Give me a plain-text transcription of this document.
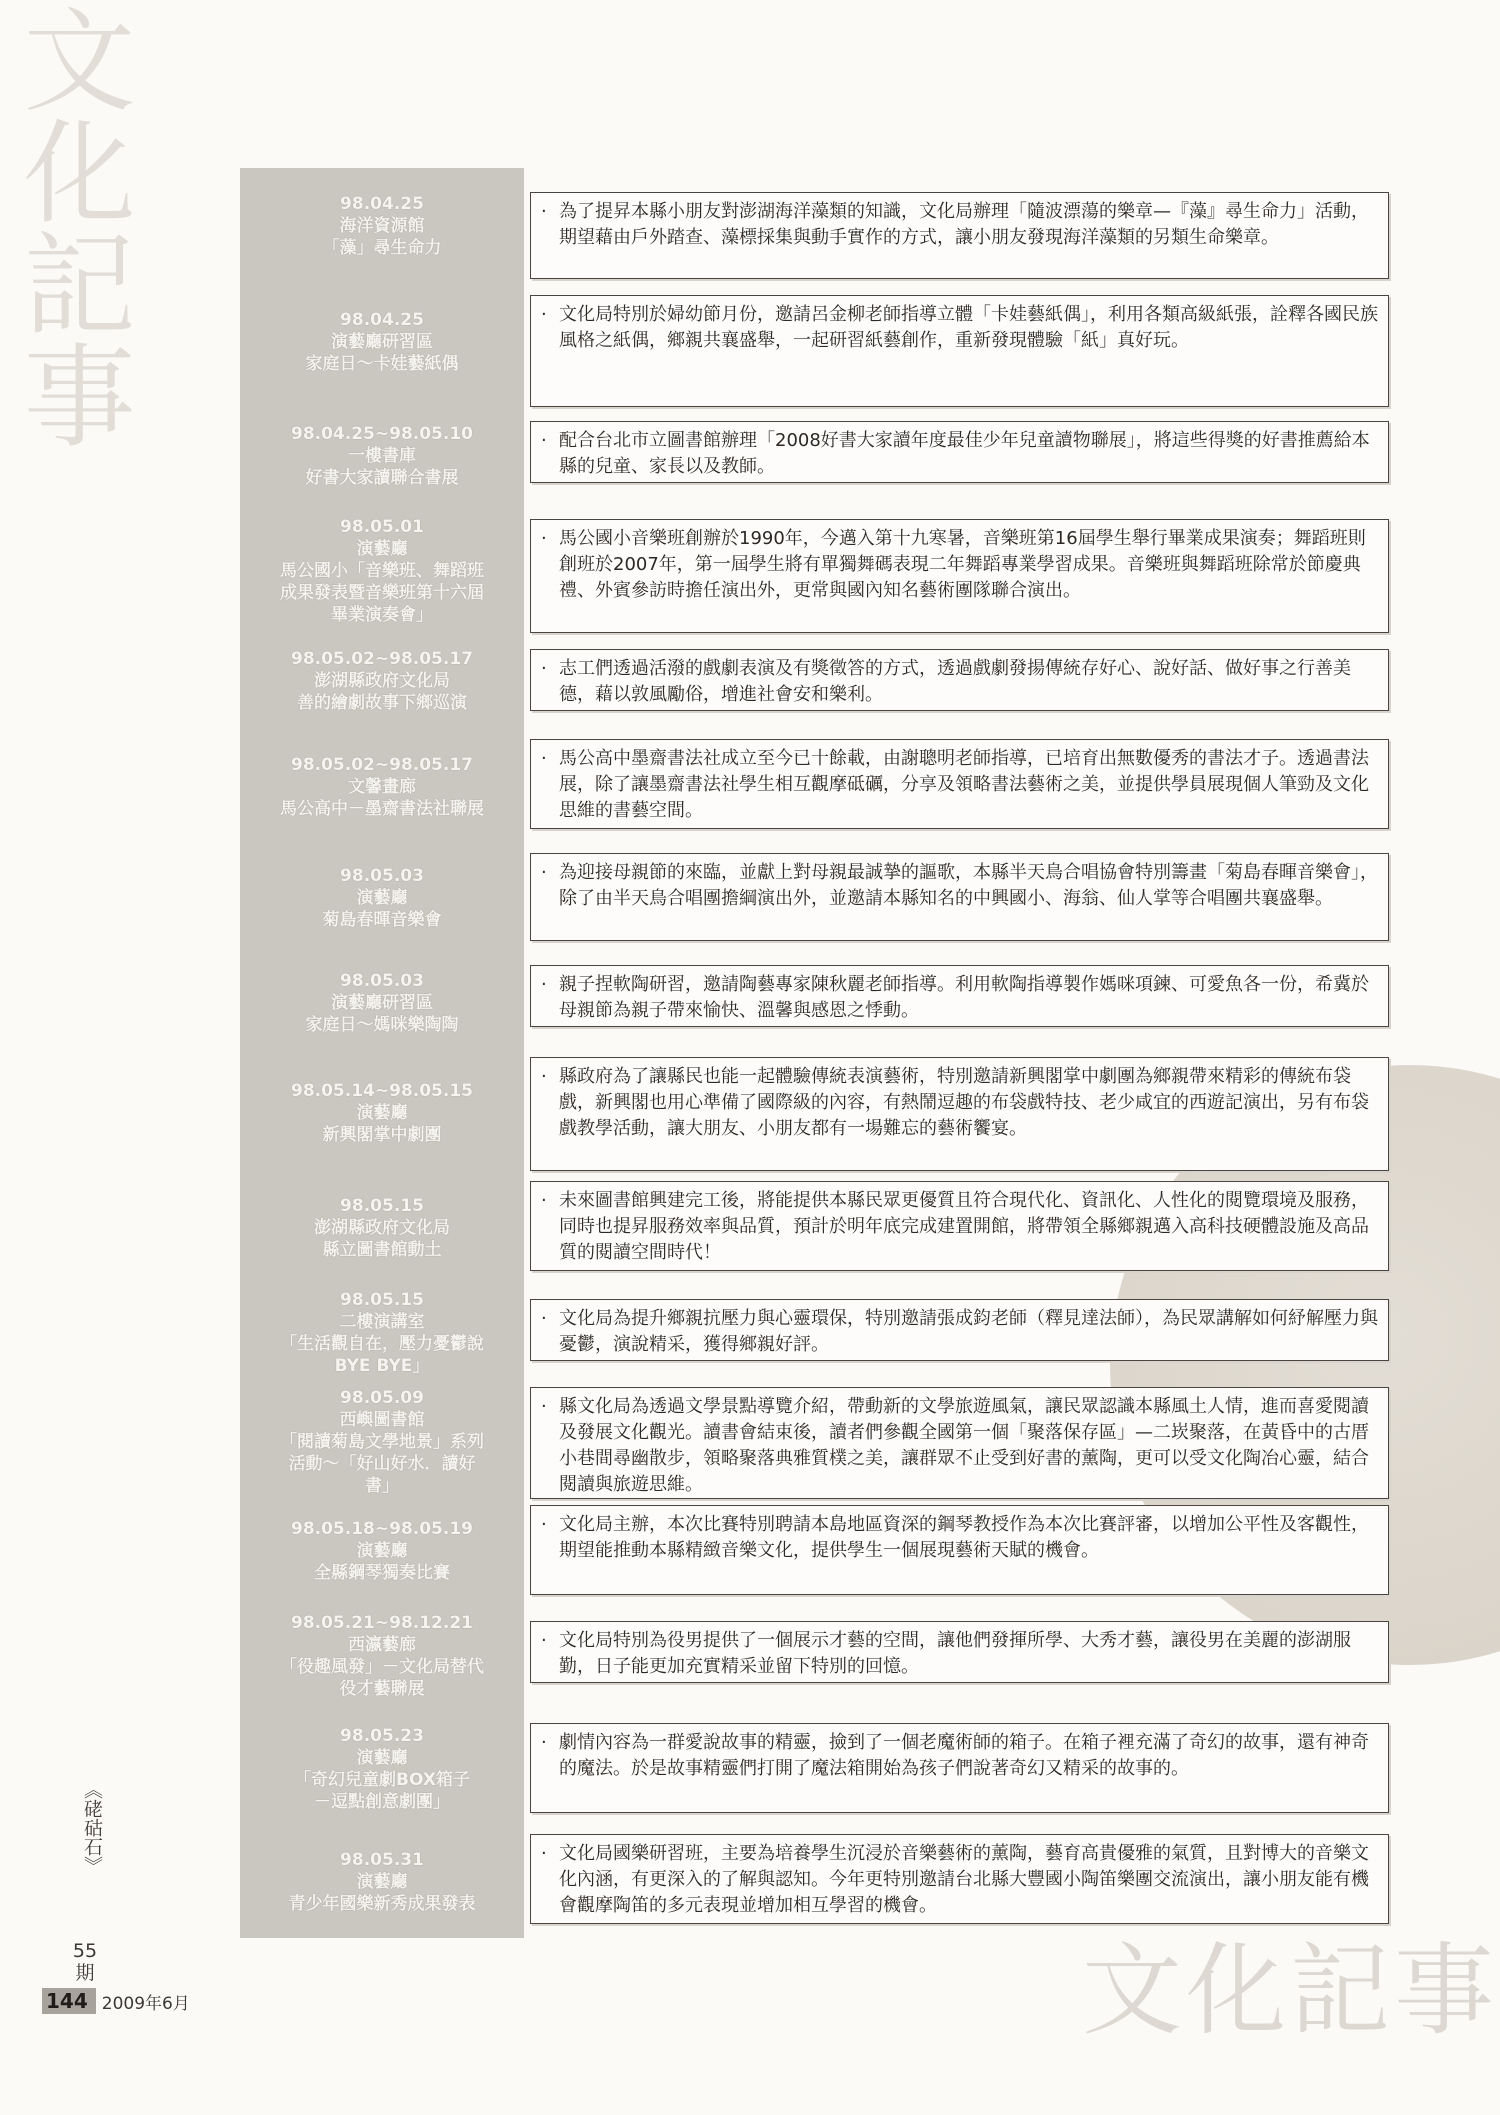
文化記事
文化記事
98.04.25
海洋資源館
「藻」尋生命力
· 為了提昇本縣小朋友對澎湖海洋藻類的知識，文化局辦理「隨波漂蕩的樂章—『藻』尋生命力」活動，期望藉由戶外踏查、藻標採集與動手實作的方式，讓小朋友發現海洋藻類的另類生命樂章。
98.04.25
演藝廳研習區
家庭日～卡娃藝紙偶
· 文化局特別於婦幼節月份，邀請呂金柳老師指導立體「卡娃藝紙偶」，利用各類高級紙張，詮釋各國民族風格之紙偶，鄉親共襄盛舉，一起研習紙藝創作，重新發現體驗「紙」真好玩。
98.04.25~98.05.10
一樓書庫
好書大家讀聯合書展
· 配合台北市立圖書館辦理「2008好書大家讀年度最佳少年兒童讀物聯展」，將這些得獎的好書推薦給本縣的兒童、家長以及教師。
98.05.01
演藝廳
馬公國小「音樂班、舞蹈班
成果發表暨音樂班第十六屆
畢業演奏會」
· 馬公國小音樂班創辦於1990年，今邁入第十九寒暑，音樂班第16屆學生舉行畢業成果演奏；舞蹈班則創班於2007年，第一屆學生將有單獨舞碼表現二年舞蹈專業學習成果。音樂班與舞蹈班除常於節慶典禮、外賓參訪時擔任演出外，更常與國內知名藝術團隊聯合演出。
98.05.02~98.05.17
澎湖縣政府文化局
善的繪劇故事下鄉巡演
· 志工們透過活潑的戲劇表演及有獎徵答的方式，透過戲劇發揚傳統存好心、說好話、做好事之行善美德，藉以敦風勵俗，增進社會安和樂利。
98.05.02~98.05.17
文馨畫廊
馬公高中－墨齋書法社聯展
· 馬公高中墨齋書法社成立至今已十餘載，由謝聰明老師指導，已培育出無數優秀的書法才子。透過書法展，除了讓墨齋書法社學生相互觀摩砥礪，分享及領略書法藝術之美，並提供學員展現個人筆勁及文化思維的書藝空間。
98.05.03
演藝廳
菊島春暉音樂會
· 為迎接母親節的來臨，並獻上對母親最誠摯的謳歌，本縣半天鳥合唱協會特別籌畫「菊島春暉音樂會」，除了由半天鳥合唱團擔綱演出外，並邀請本縣知名的中興國小、海翁、仙人掌等合唱團共襄盛舉。
98.05.03
演藝廳研習區
家庭日～媽咪樂陶陶
· 親子捏軟陶研習，邀請陶藝專家陳秋麗老師指導。利用軟陶指導製作媽咪項鍊、可愛魚各一份，希冀於母親節為親子帶來愉快、溫馨與感恩之悸動。
98.05.14~98.05.15
演藝廳
新興閣掌中劇團
· 縣政府為了讓縣民也能一起體驗傳統表演藝術，特別邀請新興閣掌中劇團為鄉親帶來精彩的傳統布袋戲，新興閣也用心準備了國際級的內容，有熱鬧逗趣的布袋戲特技、老少咸宜的西遊記演出，另有布袋戲教學活動，讓大朋友、小朋友都有一場難忘的藝術饗宴。
98.05.15
澎湖縣政府文化局
縣立圖書館動土
· 未來圖書館興建完工後，將能提供本縣民眾更優質且符合現代化、資訊化、人性化的閱覽環境及服務，同時也提昇服務效率與品質，預計於明年底完成建置開館，將帶領全縣鄉親邁入高科技硬體設施及高品質的閱讀空間時代！
98.05.15
二樓演講室
「生活觀自在，壓力憂鬱說
BYE BYE」
· 文化局為提升鄉親抗壓力與心靈環保，特別邀請張成鈞老師（釋見達法師），為民眾講解如何紓解壓力與憂鬱，演說精采，獲得鄉親好評。
98.05.09
西嶼圖書館
「閱讀菊島文學地景」系列
活動～「好山好水．讀好
書」
· 縣文化局為透過文學景點導覽介紹，帶動新的文學旅遊風氣，讓民眾認識本縣風土人情，進而喜愛閱讀及發展文化觀光。讀書會結束後，讀者們參觀全國第一個「聚落保存區」—二崁聚落，在黃昏中的古厝小巷間尋幽散步，領略聚落典雅質樸之美，讓群眾不止受到好書的薰陶，更可以受文化陶冶心靈，結合閱讀與旅遊思維。
98.05.18~98.05.19
演藝廳
全縣鋼琴獨奏比賽
· 文化局主辦，本次比賽特別聘請本島地區資深的鋼琴教授作為本次比賽評審，以增加公平性及客觀性，期望能推動本縣精緻音樂文化，提供學生一個展現藝術天賦的機會。
98.05.21~98.12.21
西瀛藝廊
「役趣風發」－文化局替代
役才藝聯展
· 文化局特別為役男提供了一個展示才藝的空間，讓他們發揮所學、大秀才藝，讓役男在美麗的澎湖服勤，日子能更加充實精采並留下特別的回憶。
98.05.23
演藝廳
「奇幻兒童劇BOX箱子
－逗點創意劇團」
· 劇情內容為一群愛說故事的精靈，撿到了一個老魔術師的箱子。在箱子裡充滿了奇幻的故事，還有神奇的魔法。於是故事精靈們打開了魔法箱開始為孩子們說著奇幻又精采的故事的。
98.05.31
演藝廳
青少年國樂新秀成果發表
· 文化局國樂研習班，主要為培養學生沉浸於音樂藝術的薰陶，藝育高貴優雅的氣質，且對博大的音樂文化內涵，有更深入的了解與認知。今年更特別邀請台北縣大豐國小陶笛樂團交流演出，讓小朋友能有機會觀摩陶笛的多元表現並增加相互學習的機會。
《硓𥑮石》
55
期
144 2009年6月
